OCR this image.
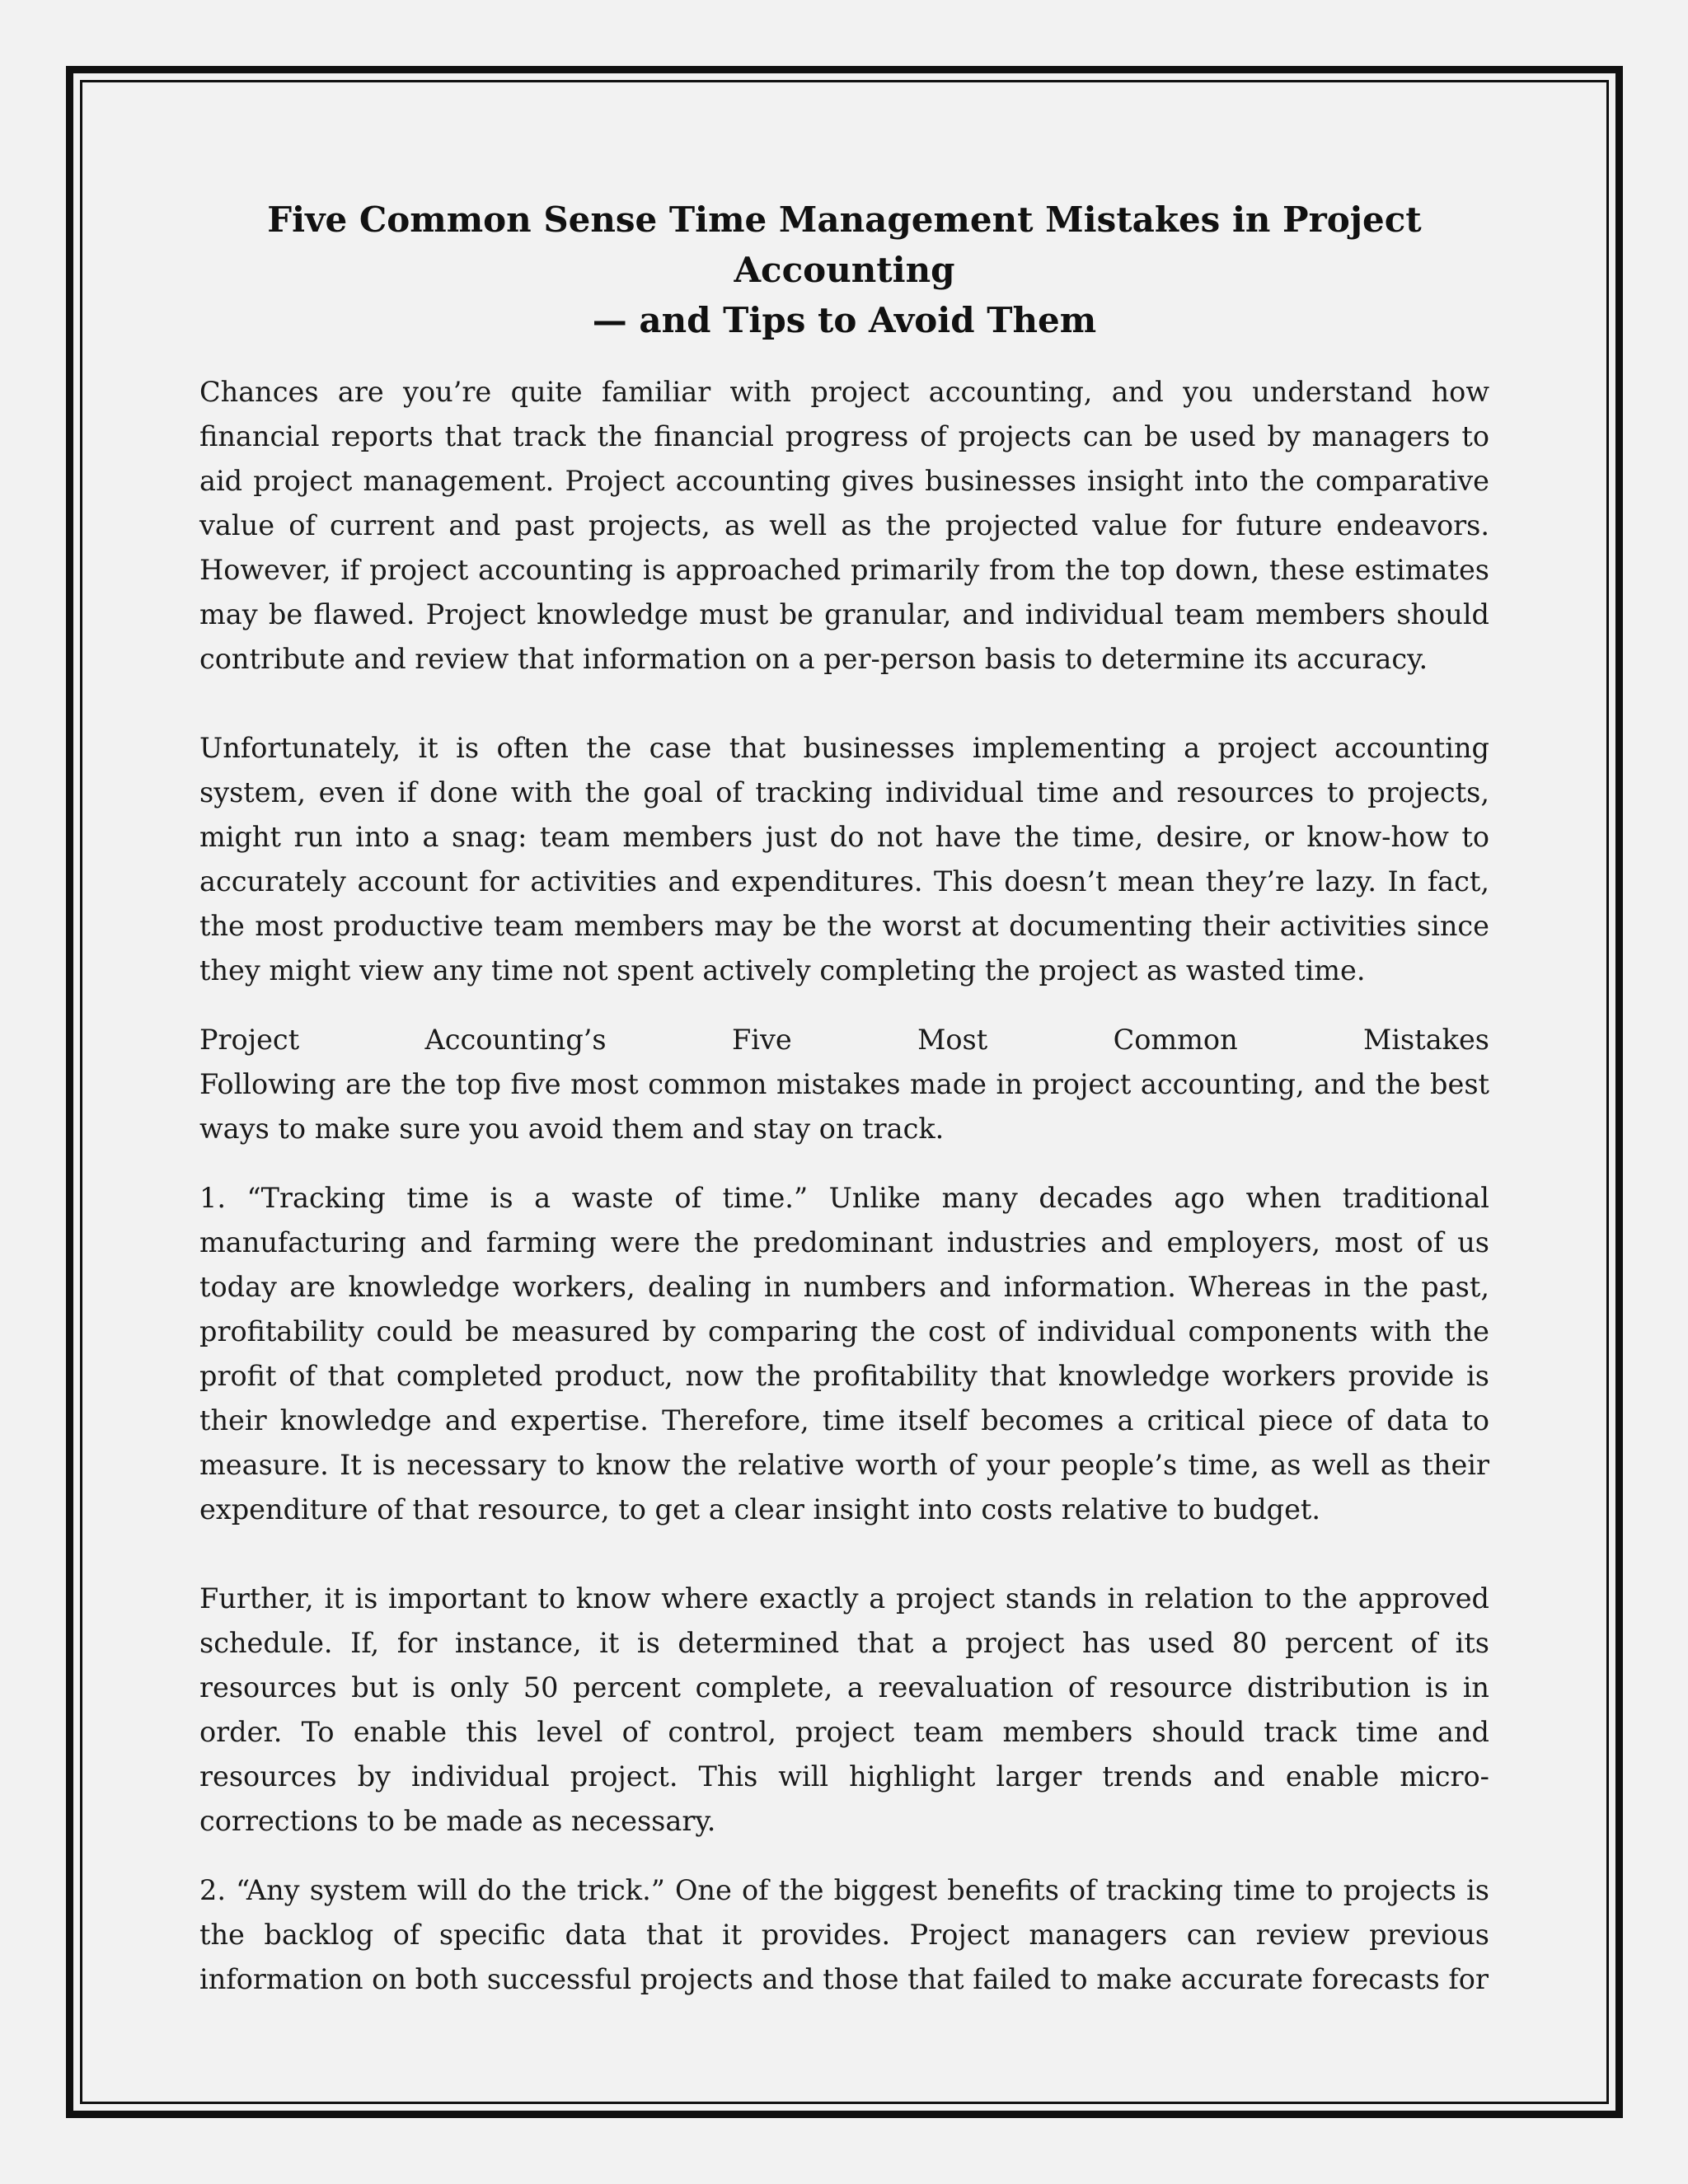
Five Common Sense Time Management Mistakes in Project Accounting
— and Tips to Avoid Them

Chances are you’re quite familiar with project accounting, and you understand how financial reports that track the financial progress of projects can be used by managers to aid project management. Project accounting gives businesses insight into the comparative value of current and past projects, as well as the projected value for future endeavors. However, if project accounting is approached primarily from the top down, these estimates may be flawed. Project knowledge must be granular, and individual team members should contribute and review that information on a per-person basis to determine its accuracy.

Unfortunately, it is often the case that businesses implementing a project accounting system, even if done with the goal of tracking individual time and resources to projects, might run into a snag: team members just do not have the time, desire, or know-how to accurately account for activities and expenditures. This doesn’t mean they’re lazy. In fact, the most productive team members may be the worst at documenting their activities since they might view any time not spent actively completing the project as wasted time.

Project Accounting’s Five Most Common Mistakes
Following are the top five most common mistakes made in project accounting, and the best ways to make sure you avoid them and stay on track.

1. “Tracking time is a waste of time.” Unlike many decades ago when traditional manufacturing and farming were the predominant industries and employers, most of us today are knowledge workers, dealing in numbers and information. Whereas in the past, profitability could be measured by comparing the cost of individual components with the profit of that completed product, now the profitability that knowledge workers provide is their knowledge and expertise. Therefore, time itself becomes a critical piece of data to measure. It is necessary to know the relative worth of your people’s time, as well as their expenditure of that resource, to get a clear insight into costs relative to budget.

Further, it is important to know where exactly a project stands in relation to the approved schedule. If, for instance, it is determined that a project has used 80 percent of its resources but is only 50 percent complete, a reevaluation of resource distribution is in order. To enable this level of control, project team members should track time and resources by individual project. This will highlight larger trends and enable micro-corrections to be made as necessary.

2. “Any system will do the trick.” One of the biggest benefits of tracking time to projects is the backlog of specific data that it provides. Project managers can review previous information on both successful projects and those that failed to make accurate forecasts for
